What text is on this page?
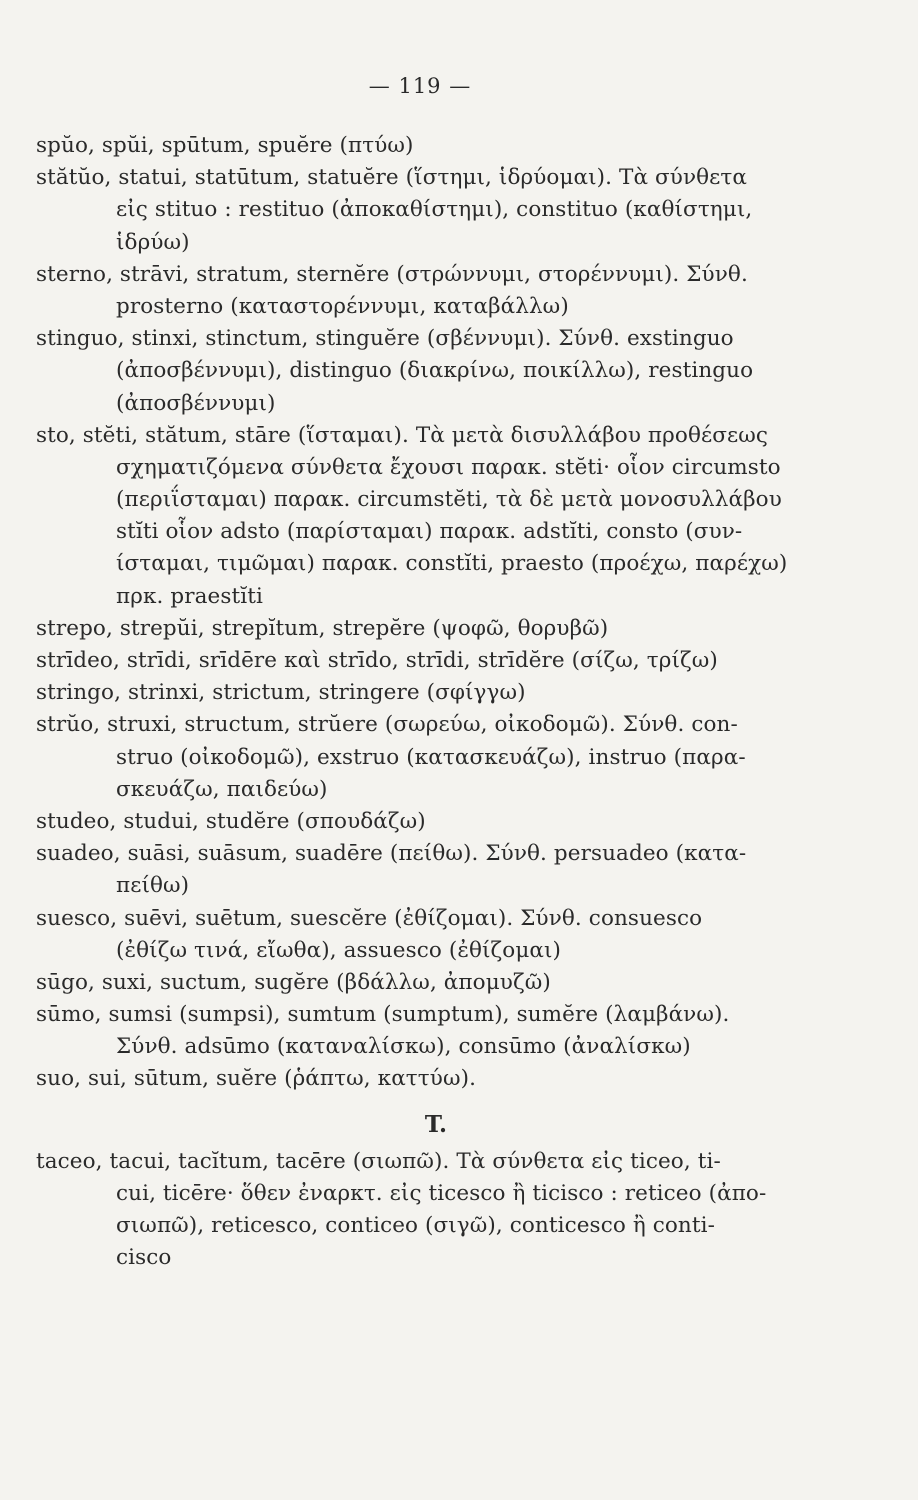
— 119 —
spŭo, spŭi, spūtum, spuĕre (πτύω)
stătŭo, statui, statūtum, statuĕre (ἵστημι, ἱδρύομαι). Τὰ σύνθετα
εἰς stituo : restituo (ἀποκαθίστημι), constituo (καθίστημι,
ἱδρύω)
sterno, strāvi, stratum, sternĕre (στρώννυμι, στορέννυμι). Σύνθ.
prosterno (καταστορέννυμι, καταβάλλω)
stinguo, stinxi, stinctum, stinguĕre (σβέννυμι). Σύνθ. exstinguo
(ἀποσβέννυμι), distinguo (διακρίνω, ποικίλλω), restinguo
(ἀποσβέννυμι)
sto, stĕti, stătum, stāre (ἵσταμαι). Τὰ μετὰ δισυλλάβου προθέσεως
σχηματιζόμενα σύνθετα ἔχουσι παρακ. stĕti· οἷον circumsto
(περιΐσταμαι) παρακ. circumstĕti, τὰ δὲ μετὰ μονοσυλλάβου
stĭti οἷον adsto (παρίσταμαι) παρακ. adstĭti, consto (συν-
ίσταμαι, τιμῶμαι) παρακ. constĭti, praesto (προέχω, παρέχω)
πρκ. praestĭti
strepo, strepŭi, strepĭtum, strepĕre (ψοφῶ, θορυβῶ)
strīdeo, strīdi, srīdēre καὶ strīdo, strīdi, strīdĕre (σίζω, τρίζω)
stringo, strinxi, strictum, stringere (σφίγγω)
strŭo, struxi, structum, strŭere (σωρεύω, οἰκοδομῶ). Σύνθ. con-
struo (οἰκοδομῶ), exstruo (κατασκευάζω), instruo (παρα-
σκευάζω, παιδεύω)
studeo, studui, studĕre (σπουδάζω)
suadeo, suāsi, suāsum, suadēre (πείθω). Σύνθ. persuadeo (κατα-
πείθω)
suesco, suēvi, suētum, suescĕre (ἐθίζομαι). Σύνθ. consuesco
(ἐθίζω τινά, εἴωθα), assuesco (ἐθίζομαι)
sūgo, suxi, suctum, sugĕre (βδάλλω, ἀπομυζῶ)
sūmo, sumsi (sumpsi), sumtum (sumptum), sumĕre (λαμβάνω).
Σύνθ. adsūmo (καταναλίσκω), consūmo (ἀναλίσκω)
suo, sui, sūtum, suĕre (ῥάπτω, καττύω).
T.
taceo, tacui, tacĭtum, tacēre (σιωπῶ). Τὰ σύνθετα εἰς ticeo, ti-
cui, ticēre· ὅθεν ἐναρκτ. εἰς ticesco ἢ ticisco : reticeo (ἀπο-
σιωπῶ), reticesco, conticeo (σιγῶ), conticesco ἢ conti-
cisco
